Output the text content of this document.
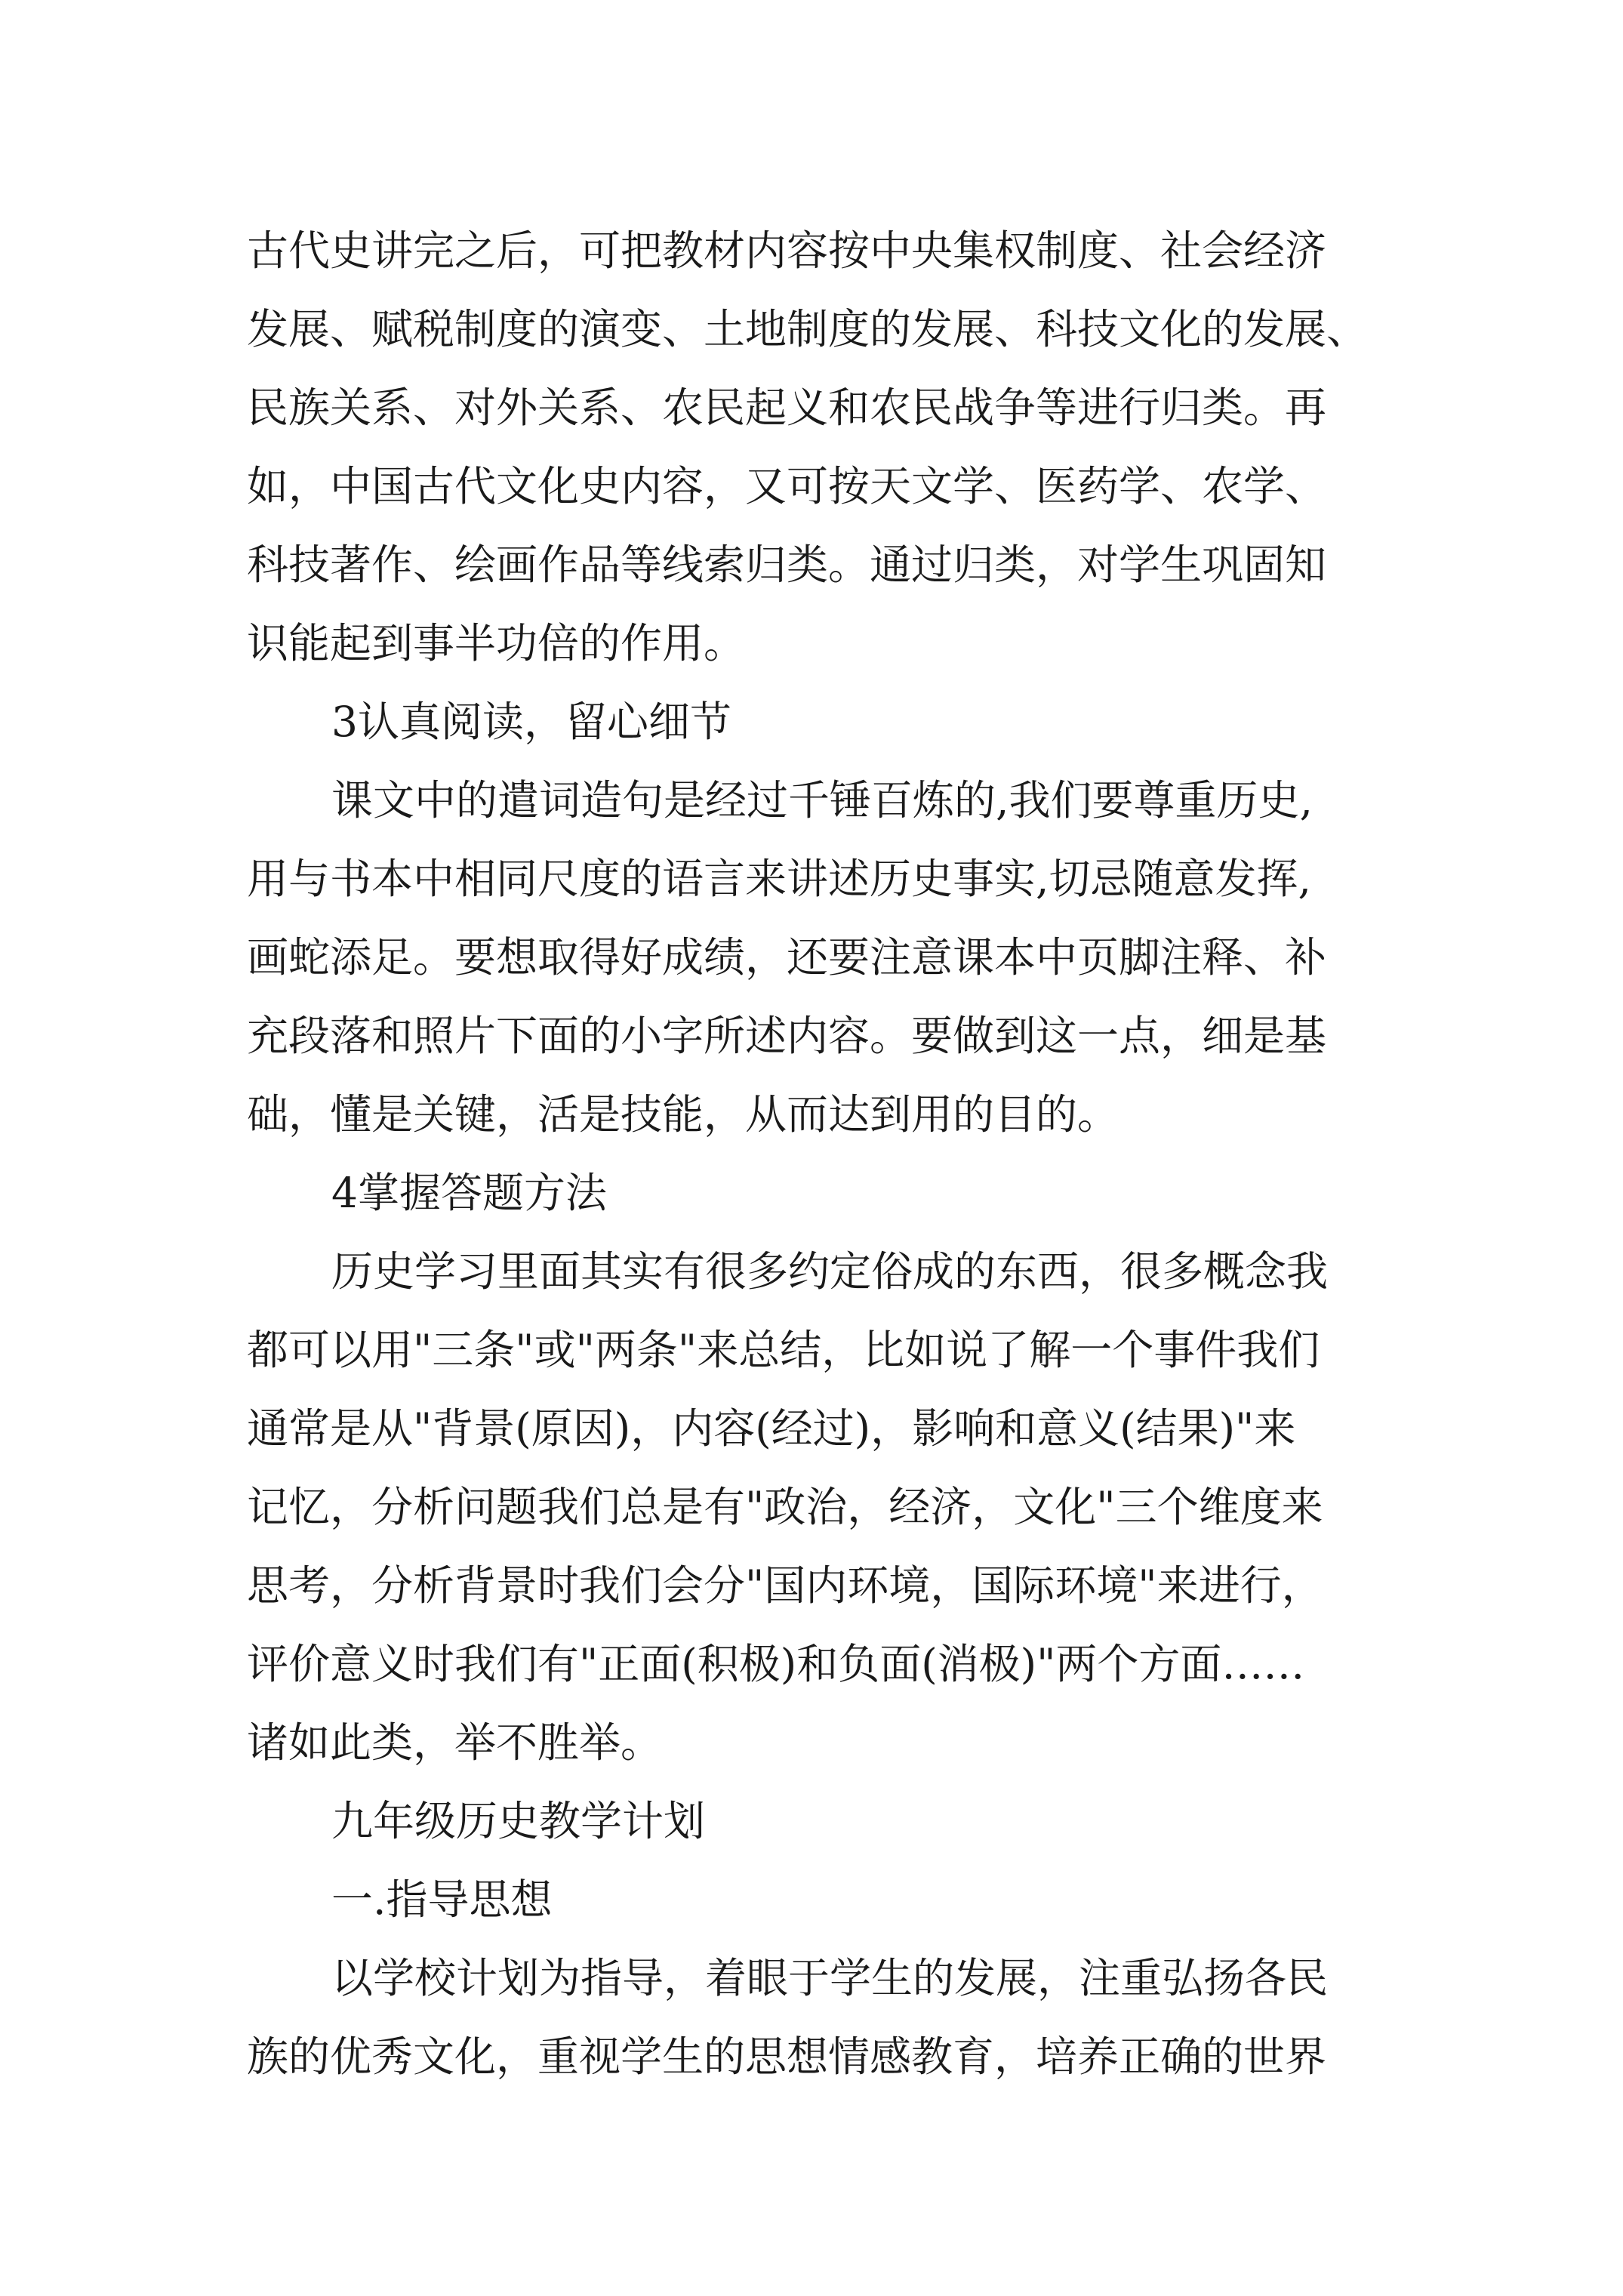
古代史讲完之后，可把教材内容按中央集权制度、社会经济
发展、赋税制度的演变、土地制度的发展、科技文化的发展、
民族关系、对外关系、农民起义和农民战争等进行归类。再
如，中国古代文化史内容，又可按天文学、医药学、农学、
科技著作、绘画作品等线索归类。通过归类，对学生巩固知
识能起到事半功倍的作用。
3认真阅读，留心细节
课文中的遣词造句是经过千锤百炼的,我们要尊重历史,
用与书本中相同尺度的语言来讲述历史事实,切忌随意发挥,
画蛇添足。要想取得好成绩，还要注意课本中页脚注释、补
充段落和照片下面的小字所述内容。要做到这一点，细是基
础，懂是关键，活是技能，从而达到用的目的。
4掌握答题方法
历史学习里面其实有很多约定俗成的东西，很多概念我
都可以用"三条"或"两条"来总结，比如说了解一个事件我们
通常是从"背景(原因)，内容(经过)，影响和意义(结果)"来
记忆，分析问题我们总是有"政治，经济，文化"三个维度来
思考，分析背景时我们会分"国内环境，国际环境"来进行，
评价意义时我们有"正面(积极)和负面(消极)"两个方面……
诸如此类，举不胜举。
九年级历史教学计划
一.指导思想
以学校计划为指导，着眼于学生的发展，注重弘扬各民
族的优秀文化，重视学生的思想情感教育，培养正确的世界
